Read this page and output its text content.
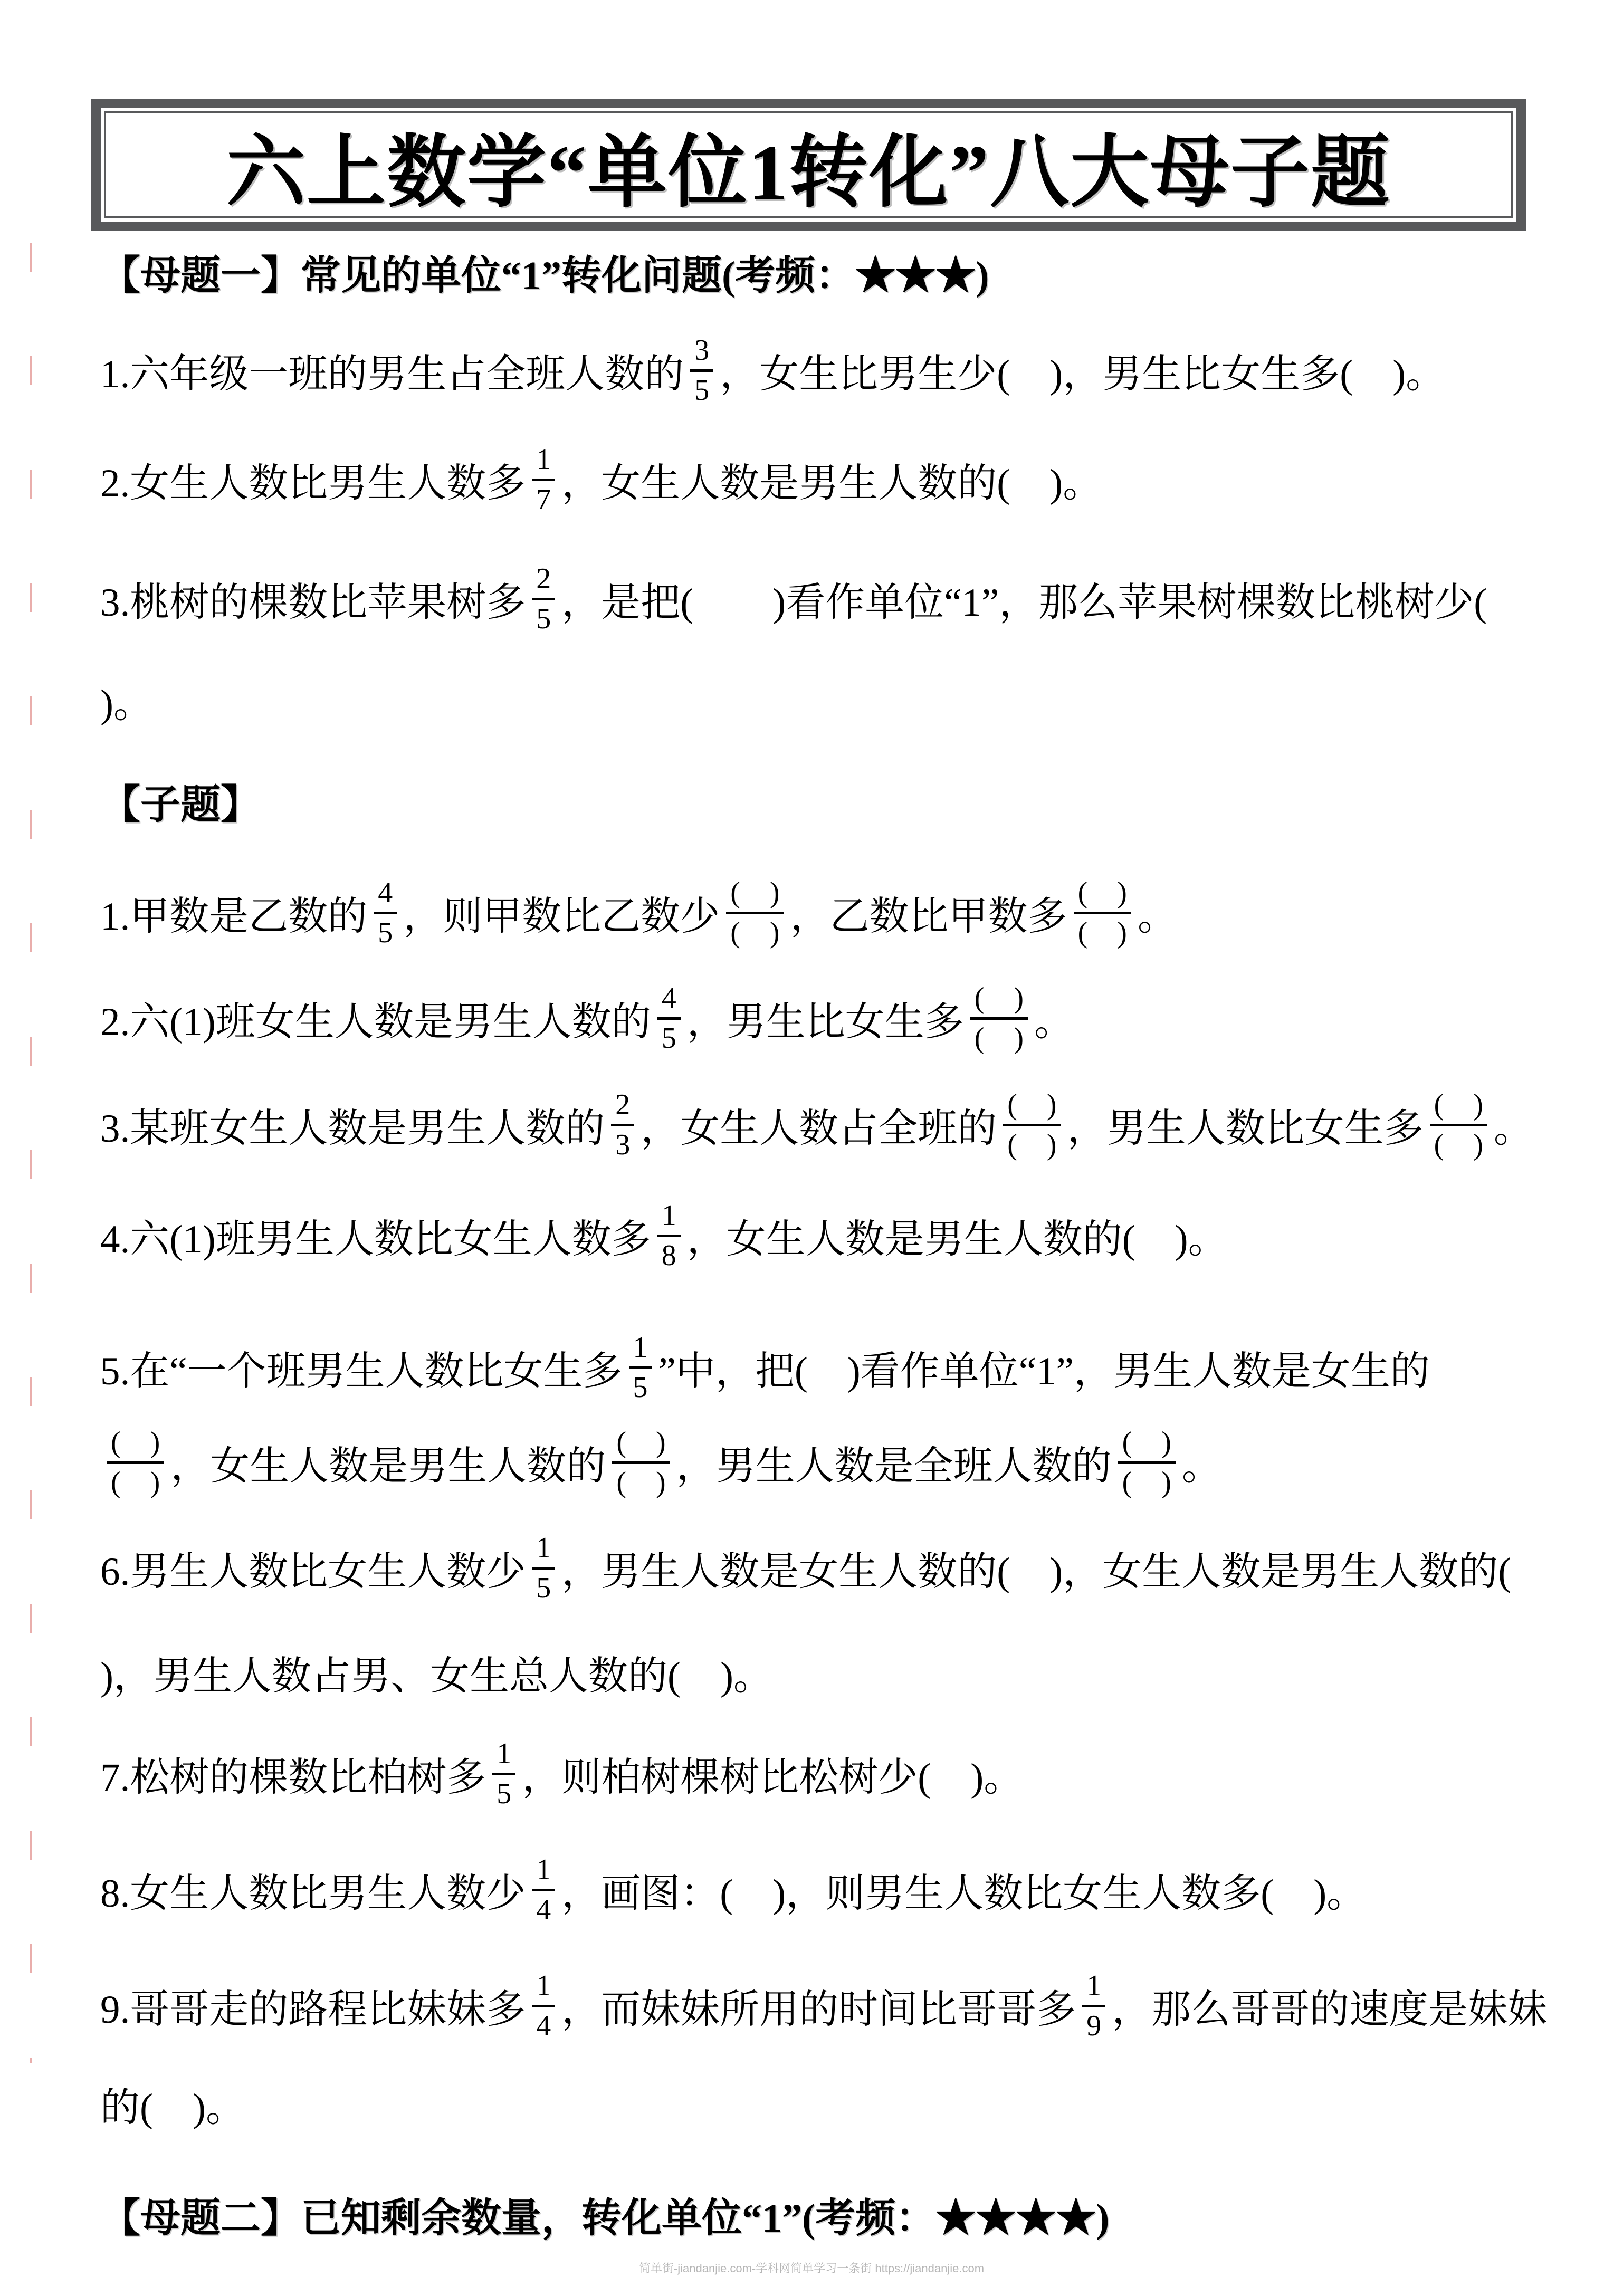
六上数学“单位1转化”八大母子题
【母题一】常见的单位“1”转化问题(考频：★★★)
1.六年级一班的男生占全班人数的 $\frac{3}{5}$ ，女生比男生少(　)，男生比女生多(　)。
2.女生人数比男生人数多 $\frac{1}{7}$ ，女生人数是男生人数的(　)。
3.桃树的棵数比苹果树多 $\frac{2}{5}$ ，是把(　　)看作单位“1”，那么苹果树棵数比桃树少(
)。
【子题】
1.甲数是乙数的 $\frac{4}{5}$ ，则甲数比乙数少
(　)
(　) ，乙数比甲数多
(　)
(　) 。
2.六(1)班女生人数是男生人数的 $\frac{4}{5}$ ，男生比女生多
(　)
(　) 。
3.某班女生人数是男生人数的 $\frac{2}{3}$ ，女生人数占全班的
(　)
(　) ，男生人数比女生多
(　)
(　) 。
4.六(1)班男生人数比女生人数多 $\frac{1}{8}$ ，女生人数是男生人数的(　)。
5.在“一个班男生人数比女生多 $\frac{1}{5}$ ”中，把(　)看作单位“1”，男生人数是女生的
(　)
(　) ，女生人数是男生人数的
(　)
(　) ，男生人数是全班人数的
(　)
(　) 。
6.男生人数比女生人数少 $\frac{1}{5}$ ，男生人数是女生人数的(　)，女生人数是男生人数的(
)，男生人数占男、女生总人数的(　)。
7.松树的棵数比柏树多 $\frac{1}{5}$ ，则柏树棵树比松树少(　)。
8.女生人数比男生人数少 $\frac{1}{4}$ ，画图：(　)，则男生人数比女生人数多(　)。
9.哥哥走的路程比妹妹多 $\frac{1}{4}$ ，而妹妹所用的时间比哥哥多 $\frac{1}{9}$ ，那么哥哥的速度是妹妹
的(　)。
【母题二】已知剩余数量，转化单位“1”(考频：★★★★)
简单街-jiandanjie.com-学科网简单学习一条街 https://jiandanjie.com
